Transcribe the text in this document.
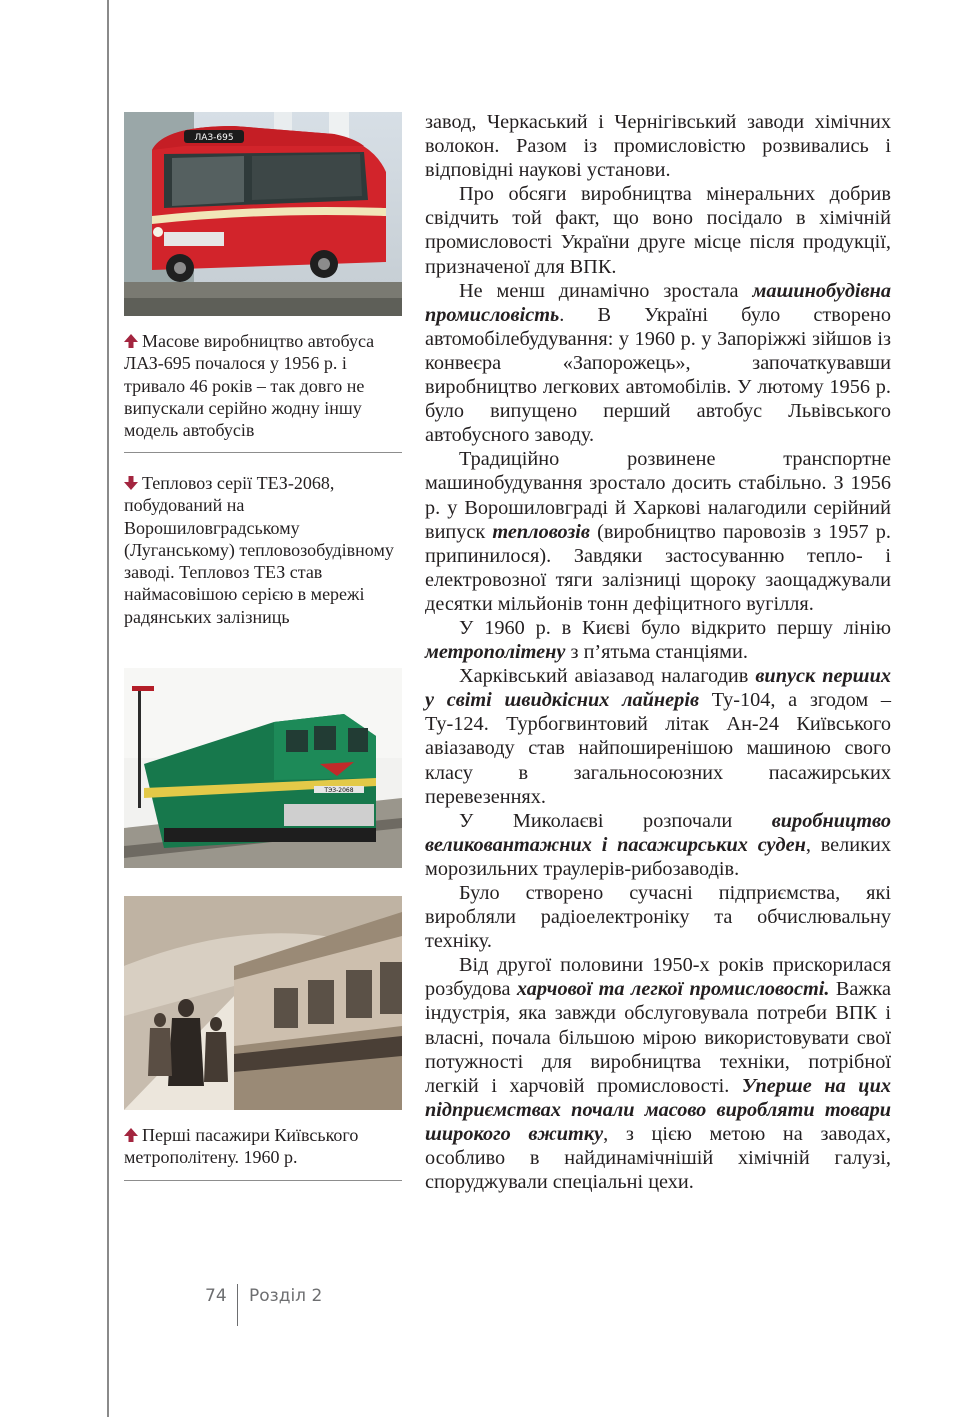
ЛАЗ-695
Масове виробництво автобуса ЛАЗ-695 почалося у 1956 р. і тривало 46 років – так довго не випускали серійно жодну іншу модель автобусів
Тепловоз серії ТЕЗ-2068, побудований на Ворошиловградському (Луганському) тепловозобудівному заводі. Тепловоз ТЕЗ став наймасовішою серією в мережі радянських залізниць
ТЭЗ-2068
Перші пасажири Київського метрополітену. 1960 р.

завод, Черкаський і Чернігівський заводи хімічних волокон. Разом із промисловістю розвивались і відповідні наукові установи.

Про обсяги виробництва мінеральних добрив свідчить той факт, що воно посідало в хімічній промисловості України друге місце після продукції, призначеної для ВПК.

Не менш динамічно зростала машинобудівна промисловість. В Україні було створено автомобілебудування: у 1960 р. у Запоріжжі зійшов із конвеєра «Запорожець», започаткувавши виробництво легкових автомобілів. У лютому 1956 р. було випущено перший автобус Львівського автобусного заводу.

Традиційно розвинене транспортне машинобудування зростало досить стабільно. З 1956 р. у Ворошиловграді й Харкові налагодили серійний випуск тепловозів (виробництво паровозів з 1957 р. припинилося). Завдяки застосуванню тепло- і електровозної тяги залізниці щороку заощаджували десятки мільйонів тонн дефіцитного вугілля.

У 1960 р. в Києві було відкрито першу лінію метрополітену з п’ятьма станціями.

Харківський авіазавод налагодив випуск перших у світі швидкісних лайнерів Ту-104, а згодом – Ту-124. Турбогвинтовий літак Ан-24 Київського авіазаводу став найпоширенішою машиною свого класу в загальносоюзних пасажирських перевезеннях.

У Миколаєві розпочали виробництво великовантажних і пасажирських суден, великих морозильних траулерів-рибозаводів.

Було створено сучасні підприємства, які виробляли радіоелектроніку та обчислювальну техніку.

Від другої половини 1950-х років прискорилася розбудова харчової та легкої промисловості. Важка індустрія, яка завжди обслуговувала потреби ВПК і власні, почала більшою мірою використовувати свої потужності для виробництва техніки, потрібної легкій і харчовій промисловості. Уперше на цих підприємствах почали масово виробляти товари широкого вжитку, з цією метою на заводах, особливо в найдинамічнішій хімічній галузі, споруджували спеціальні цехи.

74 Розділ 2
